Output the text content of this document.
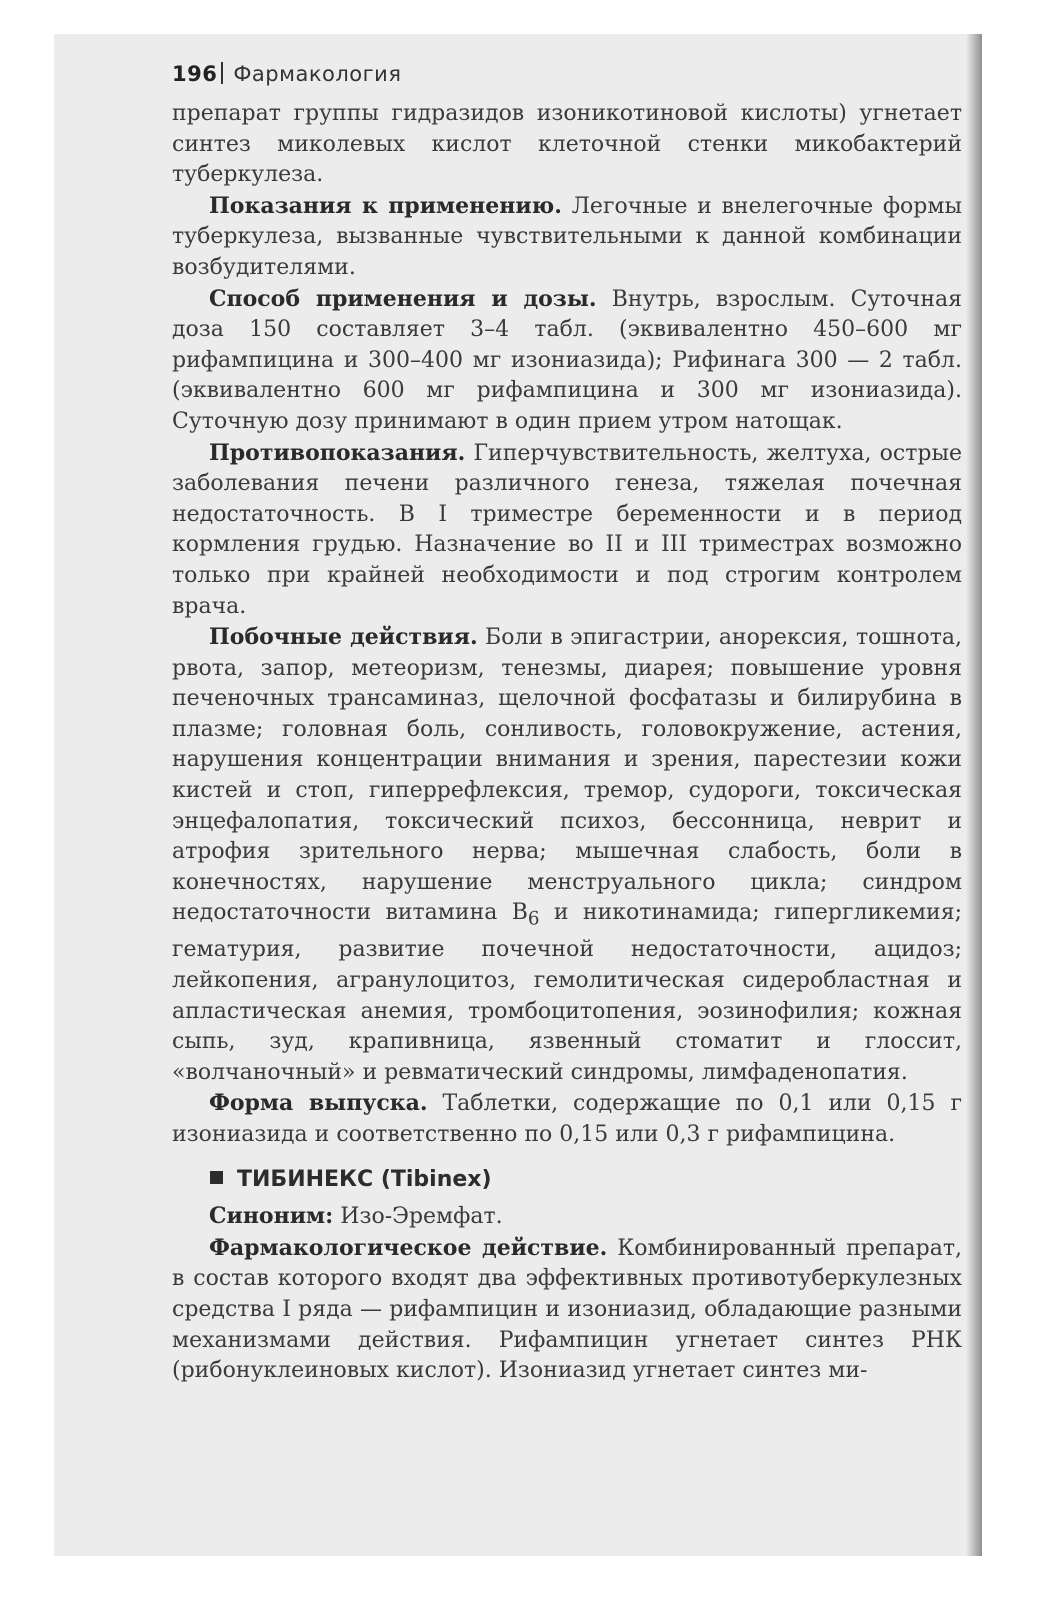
196 Фармакология

препарат группы гидразидов изоникотиновой кислоты) угнетает синтез миколевых кислот клеточной стенки микобактерий туберкулеза.

Показания к применению. Легочные и внелегочные формы туберкулеза, вызванные чувствительными к данной комбинации возбудителями.

Способ применения и дозы. Внутрь, взрослым. Суточная доза 150 составляет 3–4 табл. (эквивалентно 450–600 мг рифампицина и 300–400 мг изониазида); Рифинага 300 — 2 табл. (эквивалентно 600 мг рифампицина и 300 мг изониазида). Суточную дозу принимают в один прием утром натощак.

Противопоказания. Гиперчувствительность, желтуха, острые заболевания печени различного генеза, тяжелая почечная недостаточность. В I триместре беременности и в период кормления грудью. Назначение во II и III триместрах возможно только при крайней необходимости и под строгим контролем врача.

Побочные действия. Боли в эпигастрии, анорексия, тошнота, рвота, запор, метеоризм, тенезмы, диарея; повышение уровня печеночных трансаминаз, щелочной фосфатазы и билирубина в плазме; головная боль, сонливость, головокружение, астения, нарушения концентрации внимания и зрения, парестезии кожи кистей и стоп, гиперрефлексия, тремор, судороги, токсическая энцефалопатия, токсический психоз, бессонница, неврит и атрофия зрительного нерва; мышечная слабость, боли в конечностях, нарушение менструального цикла; синдром недостаточности витамина $В_6$ и никотинамида; гипергликемия; гематурия, развитие почечной недостаточности, ацидоз; лейкопения, агранулоцитоз, гемолитическая сидеробластная и апластическая анемия, тромбоцитопения, эозинофилия; кожная сыпь, зуд, крапивница, язвенный стоматит и глоссит, «волчаночный» и ревматический синдромы, лимфаденопатия.

Форма выпуска. Таблетки, содержащие по 0,1 или 0,15 г изониазида и соответственно по 0,15 или 0,3 г рифампицина.

ТИБИНЕКС (Tibinex)

Синоним: Изо-Эремфат.

Фармакологическое действие. Комбинированный препарат, в состав которого входят два эффективных противотуберкулезных средства I ряда — рифампицин и изониазид, обладающие разными механизмами действия. Рифампицин угнетает синтез РНК (рибонуклеиновых кислот). Изониазид угнетает синтез ми-
